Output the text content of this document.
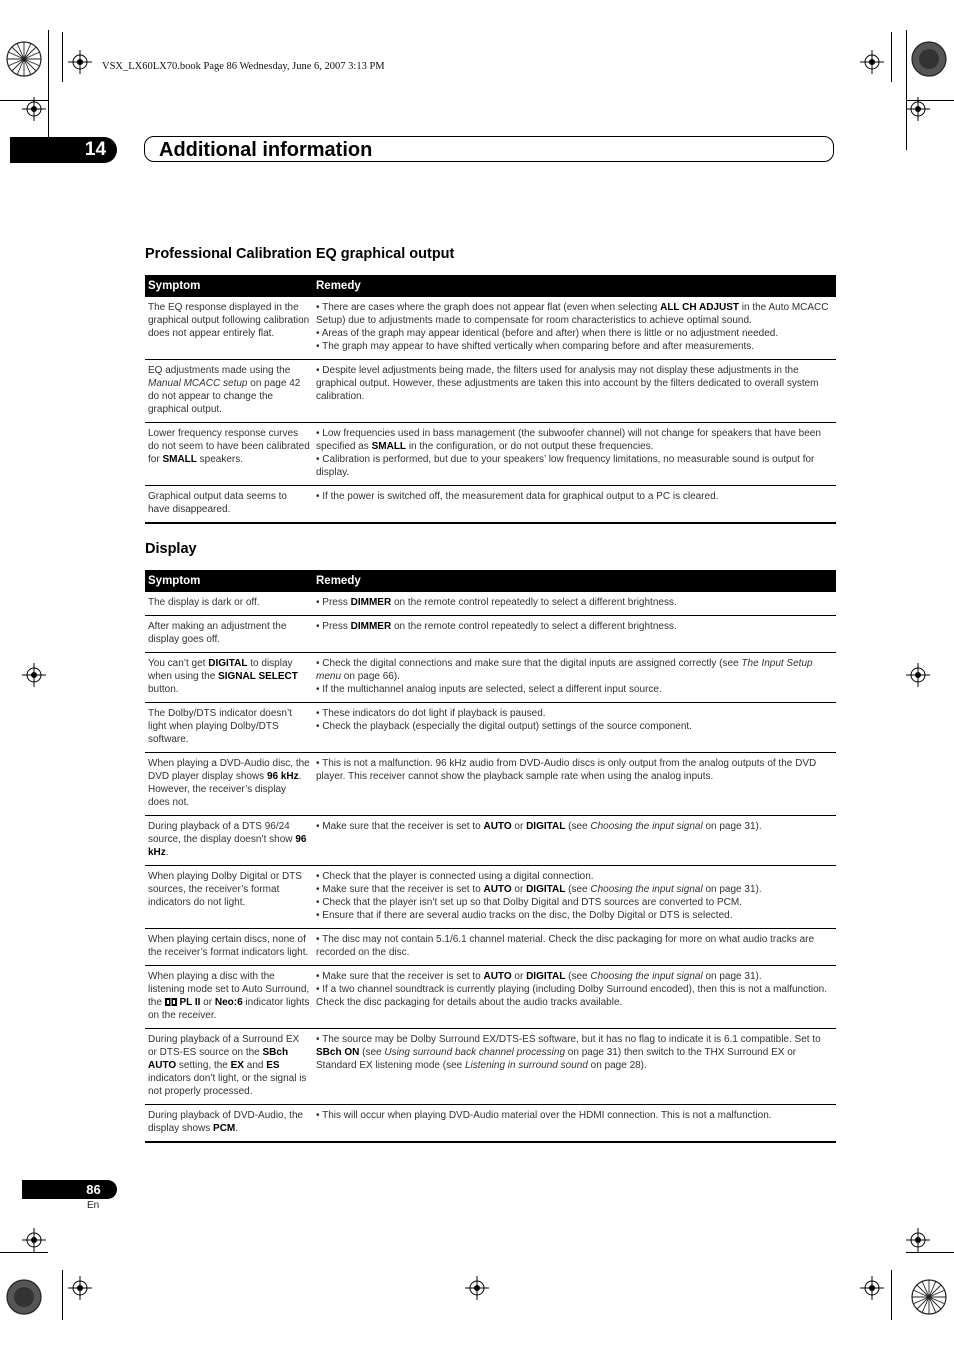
VSX_LX60LX70.book Page 86 Wednesday, June 6, 2007 3:13 PM
14	Additional information
Professional Calibration EQ graphical output
Symptom	Remedy
The EQ response displayed in the graphical output following calibration does not appear entirely flat.	• There are cases where the graph does not appear flat (even when selecting ALL CH ADJUST in the Auto MCACC Setup) due to adjustments made to compensate for room characteristics to achieve optimal sound.
• Areas of the graph may appear identical (before and after) when there is little or no adjustment needed.
• The graph may appear to have shifted vertically when comparing before and after measurements.

EQ adjustments made using the Manual MCACC setup on page 42 do not appear to change the graphical output.	• Despite level adjustments being made, the filters used for analysis may not display these adjustments in the graphical output. However, these adjustments are taken this into account by the filters dedicated to overall system calibration.

Lower frequency response curves do not seem to have been calibrated for SMALL speakers.	• Low frequencies used in bass management (the subwoofer channel) will not change for speakers that have been specified as SMALL in the configuration, or do not output these frequencies.
• Calibration is performed, but due to your speakers’ low frequency limitations, no measurable sound is output for display.

Graphical output data seems to have disappeared.	• If the power is switched off, the measurement data for graphical output to a PC is cleared.
Display
Symptom	Remedy
The display is dark or off.	• Press DIMMER on the remote control repeatedly to select a different brightness.

After making an adjustment the display goes off.	• Press DIMMER on the remote control repeatedly to select a different brightness.

You can’t get DIGITAL to display when using the SIGNAL SELECT button.	• Check the digital connections and make sure that the digital inputs are assigned correctly (see The Input Setup menu on page 66).
• If the multichannel analog inputs are selected, select a different input source.

The Dolby/DTS indicator doesn’t light when playing Dolby/DTS software.	• These indicators do dot light if playback is paused.
• Check the playback (especially the digital output) settings of the source component.

When playing a DVD-Audio disc, the DVD player display shows 96 kHz. However, the receiver’s display does not.	• This is not a malfunction. 96 kHz audio from DVD-Audio discs is only output from the analog outputs of the DVD player. This receiver cannot show the playback sample rate when using the analog inputs.

During playback of a DTS 96/24 source, the display doesn’t show 96 kHz.	• Make sure that the receiver is set to AUTO or DIGITAL (see Choosing the input signal on page 31).

When playing Dolby Digital or DTS sources, the receiver’s format indicators do not light.	• Check that the player is connected using a digital connection.
• Make sure that the receiver is set to AUTO or DIGITAL (see Choosing the input signal on page 31).
• Check that the player isn’t set up so that Dolby Digital and DTS sources are converted to PCM.
• Ensure that if there are several audio tracks on the disc, the Dolby Digital or DTS is selected.

When playing certain discs, none of the receiver’s format indicators light.	• The disc may not contain 5.1/6.1 channel material. Check the disc packaging for more on what audio tracks are recorded on the disc.

When playing a disc with the listening mode set to Auto Surround, the  PL II or Neo:6 indicator lights on the receiver.	• Make sure that the receiver is set to AUTO or DIGITAL (see Choosing the input signal on page 31).
• If a two channel soundtrack is currently playing (including Dolby Surround encoded), then this is not a malfunction. Check the disc packaging for details about the audio tracks available.

During playback of a Surround EX or DTS-ES source on the SBch AUTO setting, the EX and ES indicators don’t light, or the signal is not properly processed.	• The source may be Dolby Surround EX/DTS-ES software, but it has no flag to indicate it is 6.1 compatible. Set to SBch ON (see Using surround back channel processing on page 31) then switch to the THX Surround EX or Standard EX listening mode (see Listening in surround sound on page 28).

During playback of DVD-Audio, the display shows PCM.	• This will occur when playing DVD-Audio material over the HDMI connection. This is not a malfunction.
86
En
